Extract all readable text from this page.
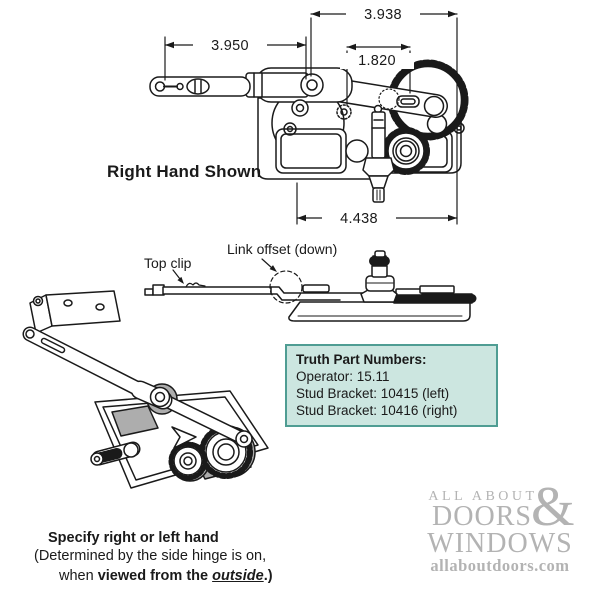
3.938
3.950
1.820
4.438
Right Hand Shown
Top clip
Link offset (down)
Truth Part Numbers:
Operator: 15.11
Stud Bracket: 10415 (left)
Stud Bracket: 10416 (right)
Specify right or left hand
(Determined by the side hinge is on,
when viewed from the outside.)
ALL ABOUT
&
DOORS
WINDOWS
allaboutdoors.com
